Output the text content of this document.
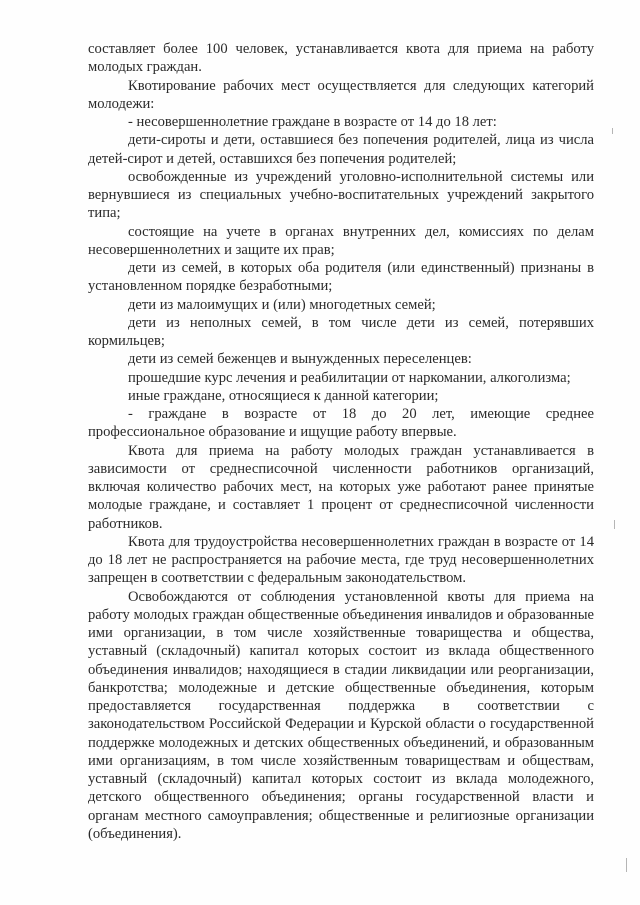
составляет более 100 человек, устанавливается квота для приема на работу молодых граждан.

Квотирование рабочих мест осуществляется для следующих категорий молодежи:

- несовершеннолетние граждане в возрасте от 14 до 18 лет:

дети-сироты и дети, оставшиеся без попечения родителей, лица из числа детей-сирот и детей, оставшихся без попечения родителей;

освобожденные из учреждений уголовно-исполнительной системы или вернувшиеся из специальных учебно-воспитательных учреждений закрытого типа;

состоящие на учете в органах внутренних дел, комиссиях по делам несовершеннолетних и защите их прав;

дети из семей, в которых оба родителя (или единственный) признаны в установленном порядке безработными;

дети из малоимущих и (или) многодетных семей;

дети из неполных семей, в том числе дети из семей, потерявших кормильцев;

дети из семей беженцев и вынужденных переселенцев:

прошедшие курс лечения и реабилитации от наркомании, алкоголизма;

иные граждане, относящиеся к данной категории;

- граждане в возрасте от 18 до 20 лет, имеющие среднее профессиональное образование и ищущие работу впервые.

Квота для приема на работу молодых граждан устанавливается в зависимости от среднесписочной численности работников организаций, включая количество рабочих мест, на которых уже работают ранее принятые молодые граждане, и составляет 1 процент от среднесписочной численности работников.

Квота для трудоустройства несовершеннолетних граждан в возрасте от 14 до 18 лет не распространяется на рабочие места, где труд несовершеннолетних запрещен в соответствии с федеральным законодательством.

Освобождаются от соблюдения установленной квоты для приема на работу молодых граждан общественные объединения инвалидов и образованные ими организации, в том числе хозяйственные товарищества и общества, уставный (складочный) капитал которых состоит из вклада общественного объединения инвалидов; находящиеся в стадии ликвидации или реорганизации, банкротства; молодежные и детские общественные объединения, которым предоставляется государственная поддержка в соответствии с законодательством Российской Федерации и Курской области о государственной поддержке молодежных и детских общественных объединений, и образованным ими организациям, в том числе хозяйственным товариществам и обществам, уставный (складочный) капитал которых состоит из вклада молодежного, детского общественного объединения; органы государственной власти и органам местного самоуправления; общественные и религиозные организации (объединения).
